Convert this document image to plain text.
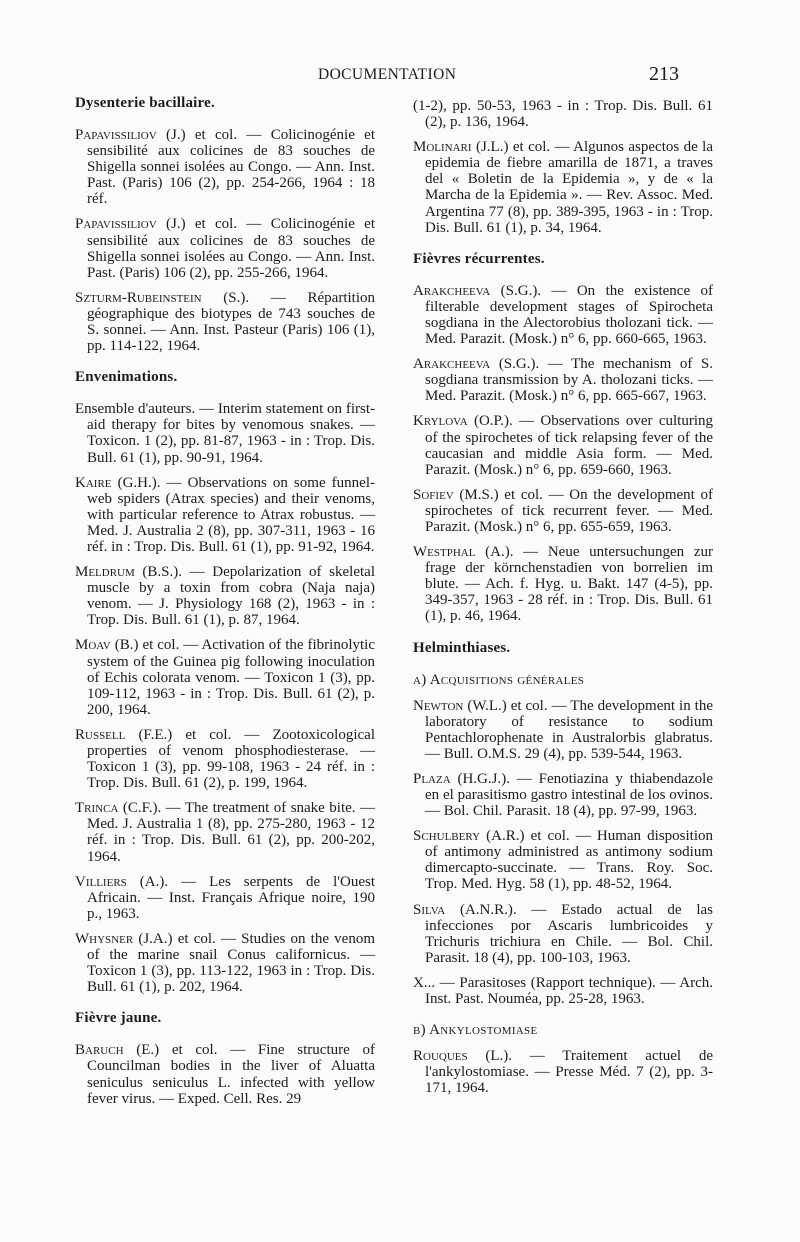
DOCUMENTATION	213

Dysenterie bacillaire.

Papavissiliov (J.) et col. — Colicinogénie et sensibilité aux colicines de 83 souches de Shigella sonnei isolées au Congo. — Ann. Inst. Past. (Paris) 106 (2), pp. 254-266, 1964 : 18 réf.

Papavissiliov (J.) et col. — Colicinogénie et sensibilité aux colicines de 83 souches de Shigella sonnei isolées au Congo. — Ann. Inst. Past. (Paris) 106 (2), pp. 255-266, 1964.

Szturm-Rubeinstein (S.). — Répartition géographique des biotypes de 743 souches de S. sonnei. — Ann. Inst. Pasteur (Paris) 106 (1), pp. 114-122, 1964.

Envenimations.

Ensemble d'auteurs. — Interim statement on first-aid therapy for bites by venomous snakes. — Toxicon. 1 (2), pp. 81-87, 1963 - in : Trop. Dis. Bull. 61 (1), pp. 90-91, 1964.

Kaire (G.H.). — Observations on some funnel-web spiders (Atrax species) and their venoms, with particular reference to Atrax robustus. — Med. J. Australia 2 (8), pp. 307-311, 1963 - 16 réf. in : Trop. Dis. Bull. 61 (1), pp. 91-92, 1964.

Meldrum (B.S.). — Depolarization of skeletal muscle by a toxin from cobra (Naja naja) venom. — J. Physiology 168 (2), 1963 - in : Trop. Dis. Bull. 61 (1), p. 87, 1964.

Moav (B.) et col. — Activation of the fibrinolytic system of the Guinea pig following inoculation of Echis colorata venom. — Toxicon 1 (3), pp. 109-112, 1963 - in : Trop. Dis. Bull. 61 (2), p. 200, 1964.

Russell (F.E.) et col. — Zootoxicological properties of venom phosphodiesterase. — Toxicon 1 (3), pp. 99-108, 1963 - 24 réf. in : Trop. Dis. Bull. 61 (2), p. 199, 1964.

Trinca (C.F.). — The treatment of snake bite. — Med. J. Australia 1 (8), pp. 275-280, 1963 - 12 réf. in : Trop. Dis. Bull. 61 (2), pp. 200-202, 1964.

Villiers (A.). — Les serpents de l'Ouest Africain. — Inst. Français Afrique noire, 190 p., 1963.

Whysner (J.A.) et col. — Studies on the venom of the marine snail Conus californicus. — Toxicon 1 (3), pp. 113-122, 1963 in : Trop. Dis. Bull. 61 (1), p. 202, 1964.

Fièvre jaune.

Baruch (E.) et col. — Fine structure of Councilman bodies in the liver of Aluatta seniculus seniculus L. infected with yellow fever virus. — Exped. Cell. Res. 29

(1-2), pp. 50-53, 1963 - in : Trop. Dis. Bull. 61 (2), p. 136, 1964.

Molinari (J.L.) et col. — Algunos aspectos de la epidemia de fiebre amarilla de 1871, a traves del « Boletin de la Epidemia », y de « la Marcha de la Epidemia ». — Rev. Assoc. Med. Argentina 77 (8), pp. 389-395, 1963 - in : Trop. Dis. Bull. 61 (1), p. 34, 1964.

Fièvres récurrentes.

Arakcheeva (S.G.). — On the existence of filterable development stages of Spirocheta sogdiana in the Alectorobius tholozani tick. — Med. Parazit. (Mosk.) n° 6, pp. 660-665, 1963.

Arakcheeva (S.G.). — The mechanism of S. sogdiana transmission by A. tholozani ticks. — Med. Parazit. (Mosk.) n° 6, pp. 665-667, 1963.

Krylova (O.P.). — Observations over culturing of the spirochetes of tick relapsing fever of the caucasian and middle Asia form. — Med. Parazit. (Mosk.) n° 6, pp. 659-660, 1963.

Sofiev (M.S.) et col. — On the development of spirochetes of tick recurrent fever. — Med. Parazit. (Mosk.) n° 6, pp. 655-659, 1963.

Westphal (A.). — Neue untersuchungen zur frage der körnchenstadien von borrelien im blute. — Ach. f. Hyg. u. Bakt. 147 (4-5), pp. 349-357, 1963 - 28 réf. in : Trop. Dis. Bull. 61 (1), p. 46, 1964.

Helminthiases.

a) Acquisitions générales

Newton (W.L.) et col. — The development in the laboratory of resistance to sodium Pentachlorophenate in Australorbis glabratus. — Bull. O.M.S. 29 (4), pp. 539-544, 1963.

Plaza (H.G.J.). — Fenotiazina y thiabendazole en el parasitismo gastro intestinal de los ovinos. — Bol. Chil. Parasit. 18 (4), pp. 97-99, 1963.

Schulbery (A.R.) et col. — Human disposition of antimony administred as antimony sodium dimercapto-succinate. — Trans. Roy. Soc. Trop. Med. Hyg. 58 (1), pp. 48-52, 1964.

Silva (A.N.R.). — Estado actual de las infecciones por Ascaris lumbricoides y Trichuris trichiura en Chile. — Bol. Chil. Parasit. 18 (4), pp. 100-103, 1963.

X... — Parasitoses (Rapport technique). — Arch. Inst. Past. Nouméa, pp. 25-28, 1963.

b) Ankylostomiase

Rouques (L.). — Traitement actuel de l'ankylostomiase. — Presse Méd. 7 (2), pp. 3-171, 1964.
